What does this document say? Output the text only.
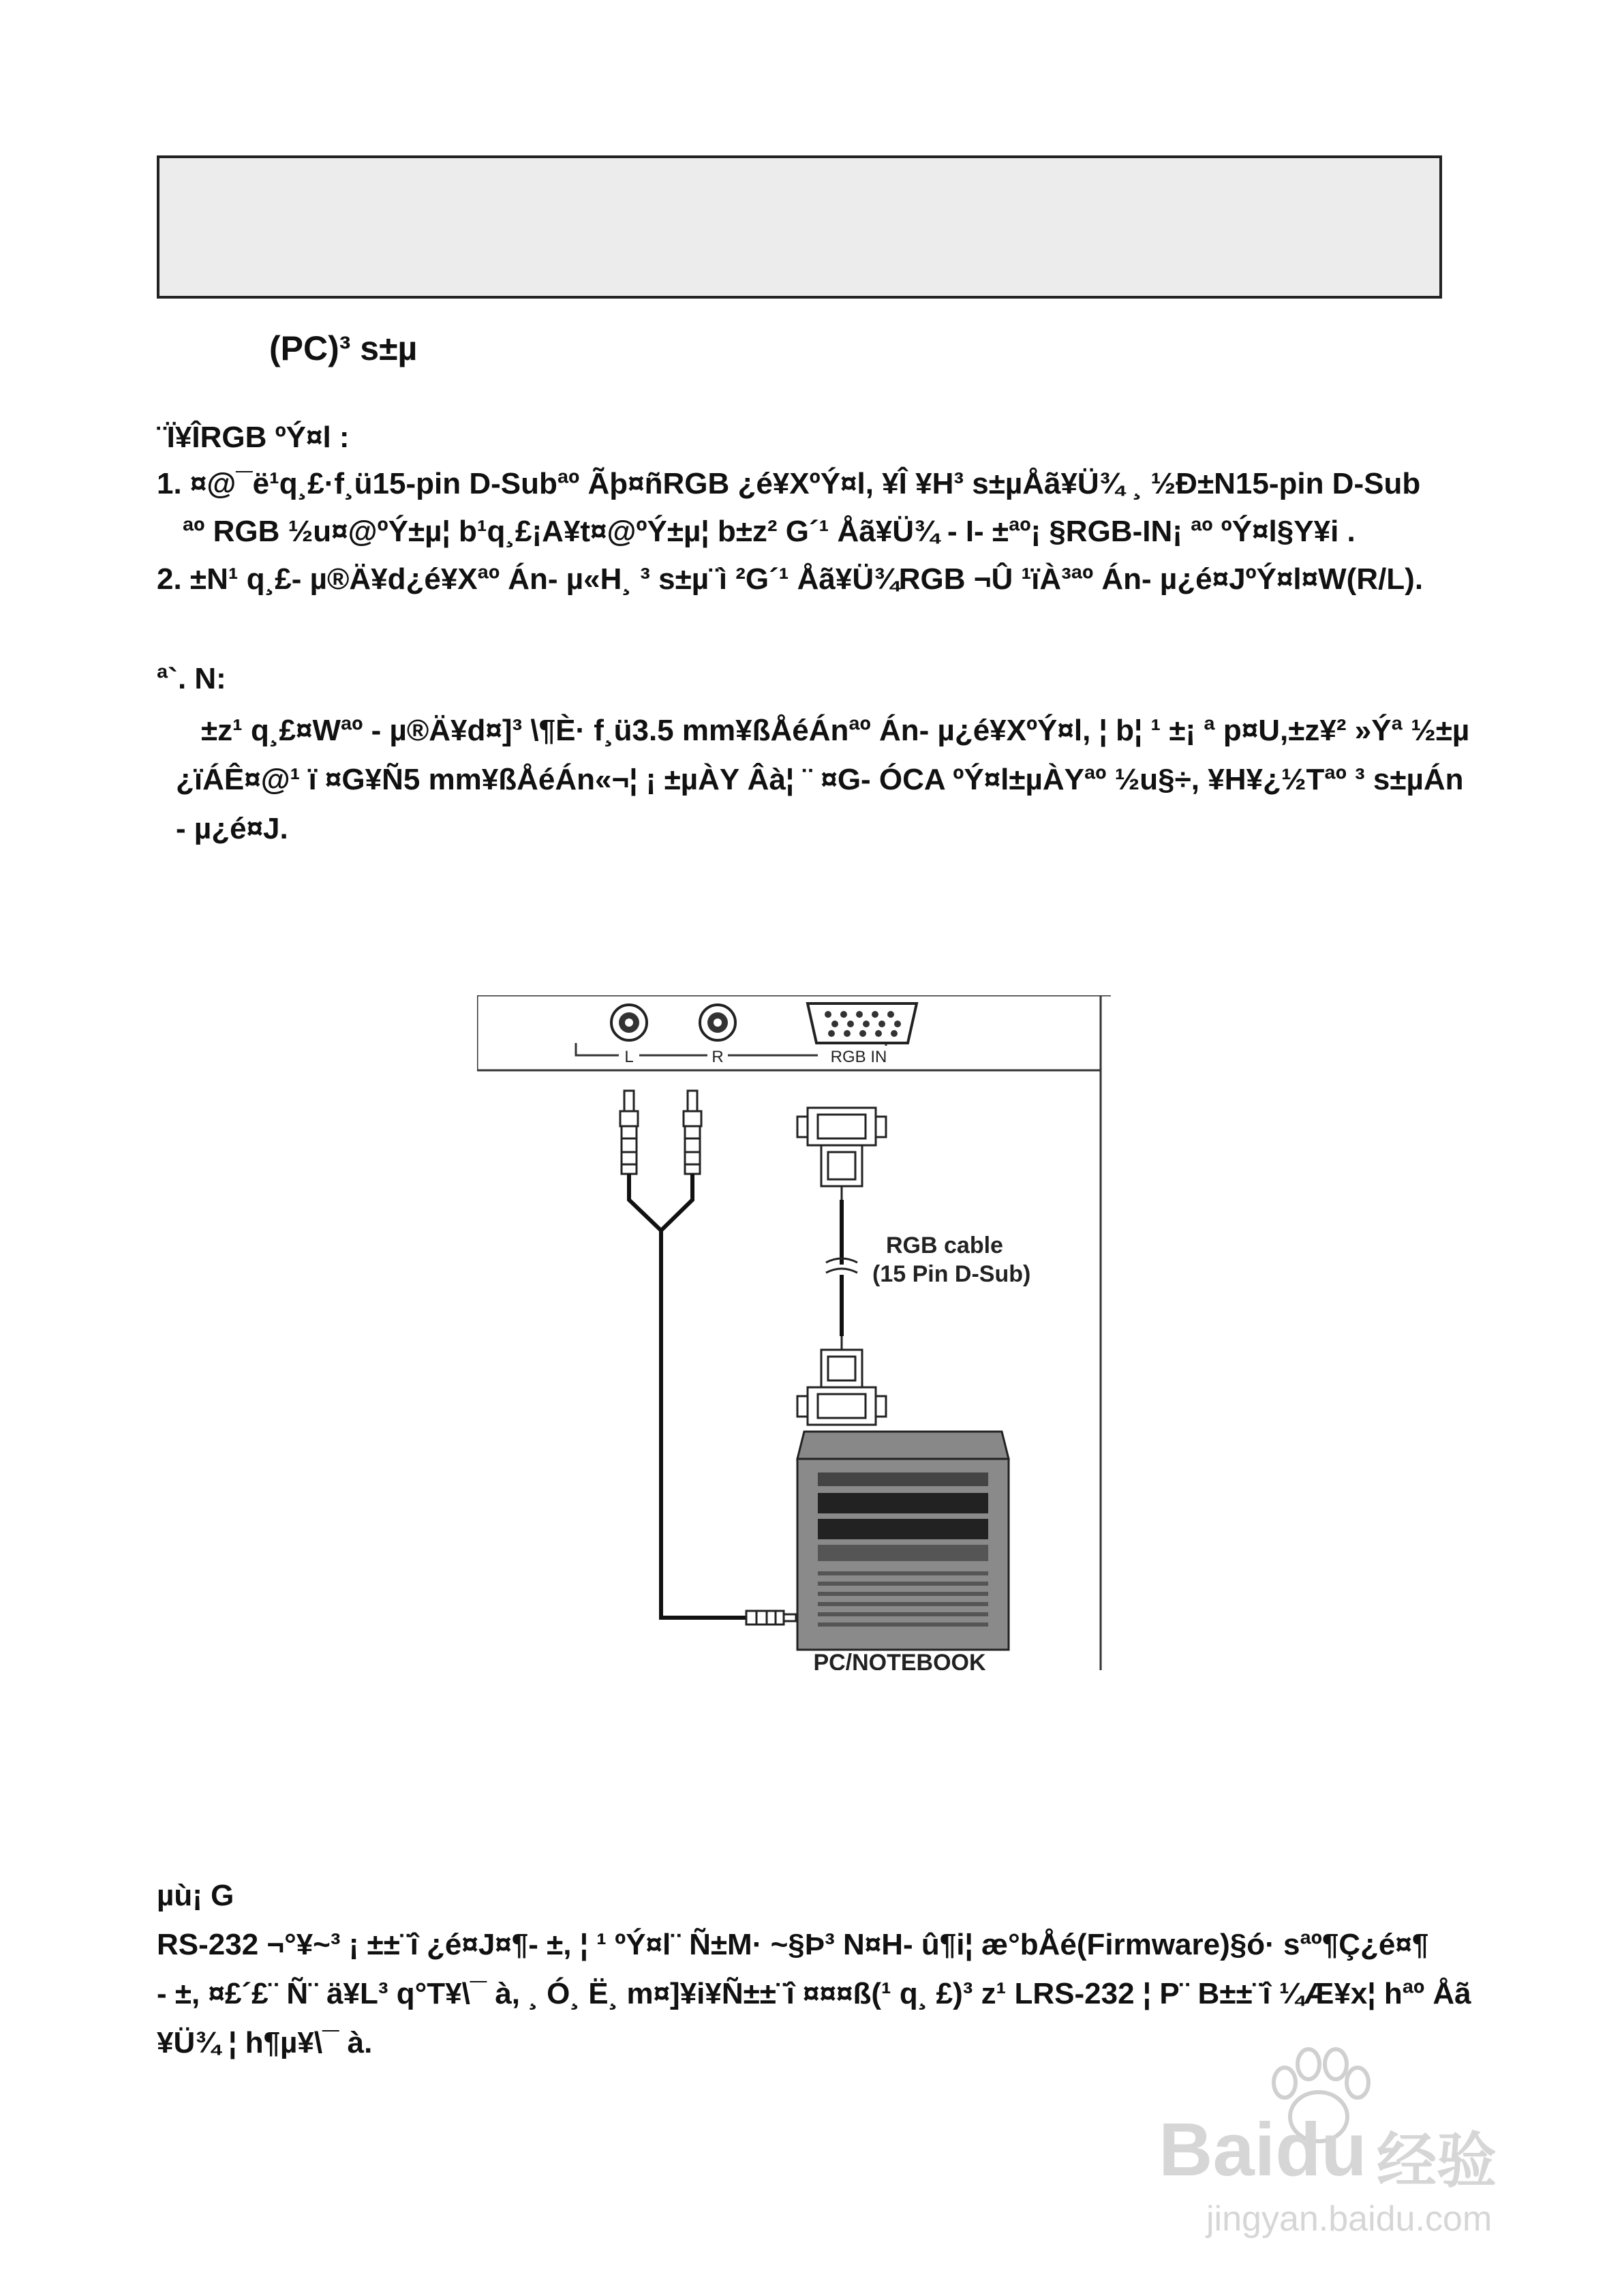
(PC)³ s±µ
¨Ï¥ÎRGB ºÝ¤l :
1. ¤@¯ë¹q¸£·f¸ü15-pin D-Subªº Ãþ¤ñRGB ¿é¥XºÝ¤l, ¥Î ¥H³ s±µÅã¥Ü¾ ¸ ½Ð±N15-pin D-Sub
ªº RGB ½u¤@ºÝ±µ¦ b¹q¸£¡A¥t¤@ºÝ±µ¦ b±z² G´¹ Åã¥Ü¾ - I- ±ªº¡ §RGB-IN¡ ªº ºÝ¤l§Y¥i .
2. ±N¹ q¸£- µ®Ä¥d¿é¥Xªº Án- µ«H¸ ³ s±µ¨ì ²G´¹ Åã¥Ü¾RGB ¬Û ¹ïÀ³ªº Án- µ¿é¤JºÝ¤l¤W(R/L).
ª`. N:
±z¹ q¸£¤Wªº - µ®Ä¥d¤]³ \¶È· f¸ü3.5 mm¥ßÅéÁnªº Án- µ¿é¥XºÝ¤l, ¦ b¦ ¹ ±¡ ª p¤U,±z¥² »Ýª ½±µ
¿ïÁÊ¤@¹ ï ¤G¥Ñ5 mm¥ßÅéÁn«¬¦ ¡ ±µÀY Âà¦ ¨ ¤G- ÓCA ºÝ¤l±µÀYªº ½u§÷, ¥H¥¿½Tªº ³ s±µÁn
- µ¿é¤J.
L	R	RGB IN
RGB cable
(15 Pin D-Sub)
PC/NOTEBOOK
µù¡ G
RS-232 ¬°¥~³ ¡ ±±¨î ¿é¤J¤¶- ±, ¦ ¹ ºÝ¤l¨ Ñ±M· ~§Þ³ N¤H- û¶i¦ æ°bÅé(Firmware)§ó· sªº¶Ç¿é¤¶
- ±, ¤£´£¨ Ñ¨ ä¥L³ q°T¥\¯ à, ¸ Ó¸ Ë¸ m¤]¥i¥Ñ±±¨î ¤¤¤ß(¹ q¸ £)³ z¹ LRS-232 ¦ P¨ B±±¨î ¼Æ¥x¦ hªº Åã
¥Ü¾ ¦ h¶µ¥\¯ à.
Baidu 经验
jingyan.baidu.com
